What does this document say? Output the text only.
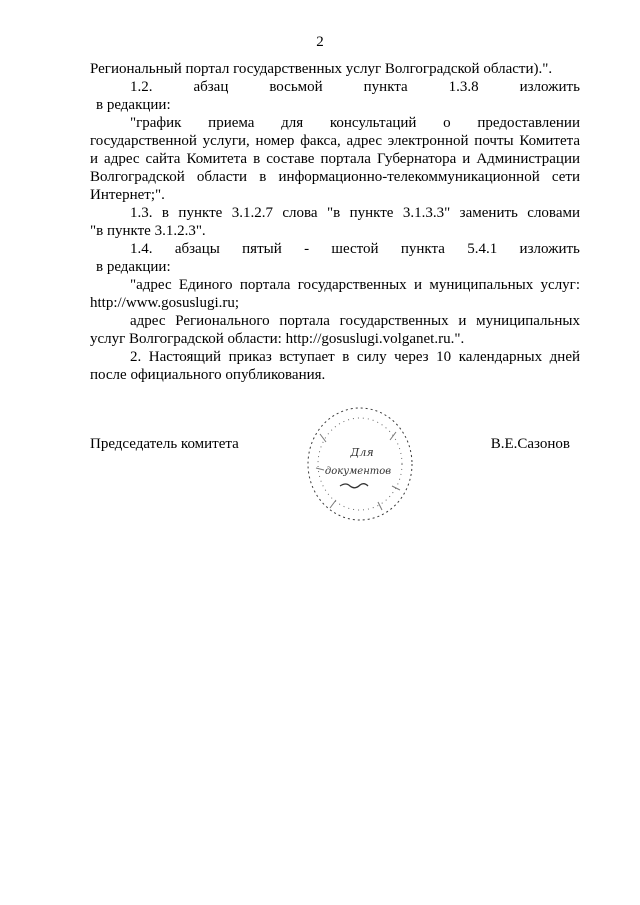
2
Региональный портал государственных услуг Волгоградской области).".
1.2.	абзац	восьмой	пункта	1.3.8	изложить
в редакции:
"график приема для консультаций о предоставлении
государственной услуги, номер факса, адрес электронной почты Комитета
и адрес сайта Комитета в составе портала Губернатора и Администрации
Волгоградской области в информационно-телекоммуникационной сети
Интернет;".
1.3. в пункте 3.1.2.7 слова "в пункте 3.1.3.3" заменить словами
"в пункте 3.1.2.3".
1.4. абзацы пятый - шестой пункта 5.4.1 изложить
в редакции:
"адрес Единого портала государственных и муниципальных услуг:
http://www.gosuslugi.ru;
адрес Регионального портала государственных и муниципальных
услуг Волгоградской области: http://gosuslugi.volganet.ru.".
2. Настоящий приказ вступает в силу через 10 календарных дней
после официального опубликования.
Для
документов
Председатель комитета	В.Е.Сазонов
